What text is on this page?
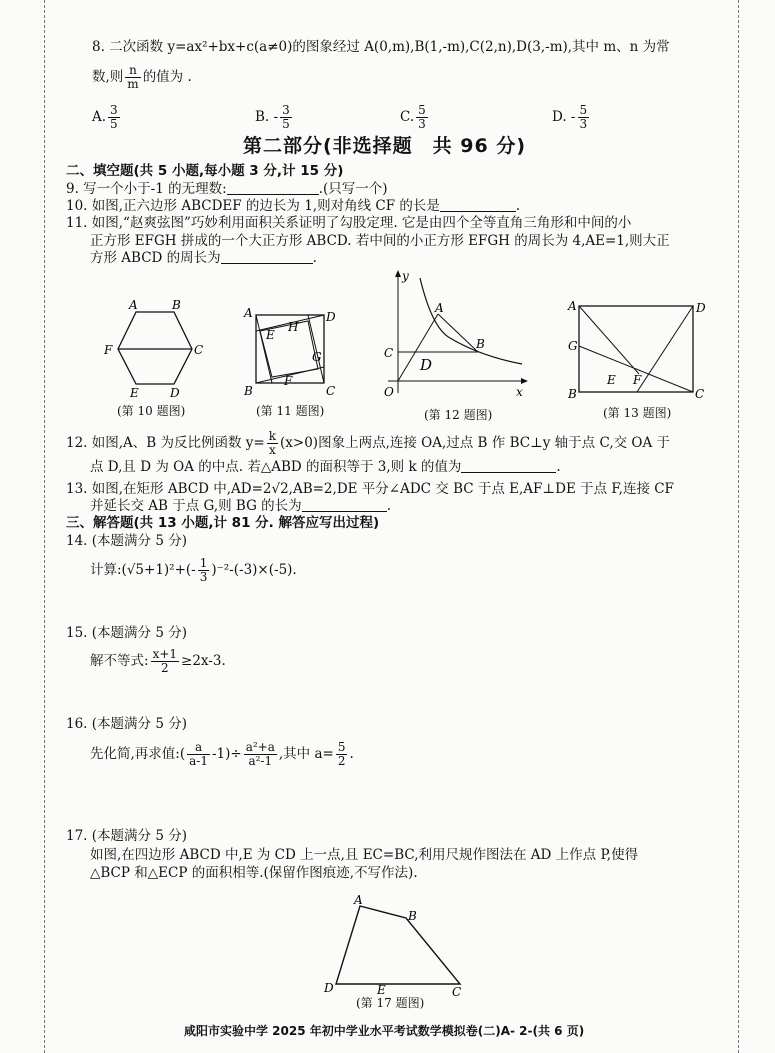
8. 二次函数 y=ax²+bx+c(a≠0)的图象经过 A(0,m),B(1,-m),C(2,n),D(3,-m),其中 m、n 为常
数,则 $\frac{n}{m}$ 的值为 .
A. $\frac{3}{5}$	B. - $\frac{3}{5}$	C. $\frac{5}{3}$	D. - $\frac{5}{3}$
第二部分(非选择题　共 96 分)
二、填空题(共 5 小题,每小题 3 分,计 15 分)
9. 写一个小于-1 的无理数:	.(只写一个)
10. 如图,正六边形 ABCDEF 的边长为 1,则对角线 CF 的长是	.
11. 如图,“赵爽弦图”巧妙利用面积关系证明了勾股定理. 它是由四个全等直角三角形和中间的小
正方形 EFGH 拼成的一个大正方形 ABCD. 若中间的小正方形 EFGH 的周长为 4,AE=1,则大正
方形 ABCD 的周长为	.
A	B
C
D
E
F
(第 10 题图)
A	D
E
H
G
F
B	C
(第 11 题图)
y
A
B
C
D
O	x
(第 12 题图)
A	D
G
E F
B	C
(第 13 题图)
12. 如图,A、B 为反比例函数 $y= \frac{k}{x} (x>0)$图象上两点,连接 OA,过点 B 作 BC⊥y 轴于点 C,交 OA 于
点 D,且 D 为 OA 的中点. 若△ABD 的面积等于 3,则 k 的值为	.
13. 如图,在矩形 ABCD 中,AD=2√2,AB=2,DE 平分∠ADC 交 BC 于点 E,AF⊥DE 于点 F,连接 CF
并延长交 AB 于点 G,则 BG 的长为	.
三、解答题(共 13 小题,计 81 分. 解答应写出过程)
14. (本题满分 5 分)
计算:(√5+1)²+(- $\frac{1}{3} )^{-2}-(-3)\times(-5)$.
15. (本题满分 5 分)
解不等式: $\frac{x+1}{2} \ge 2x-3$.
16. (本题满分 5 分)
先化简,再求值:( $\frac{a}{a-1} -1)\div \frac{\text{a²+a}}{\text{a²-1}}$ ,其中 $a= \frac{5}{2}$ .
17. (本题满分 5 分)
如图,在四边形 ABCD 中,E 为 CD 上一点,且 EC=BC,利用尺规作图法在 AD 上作点 P,使得
△BCP 和△ECP 的面积相等.(保留作图痕迹,不写作法).
A
B
C
D	E
(第 17 题图)
咸阳市实验中学 2025 年初中学业水平考试数学模拟卷(二)A- 2-(共 6 页)
